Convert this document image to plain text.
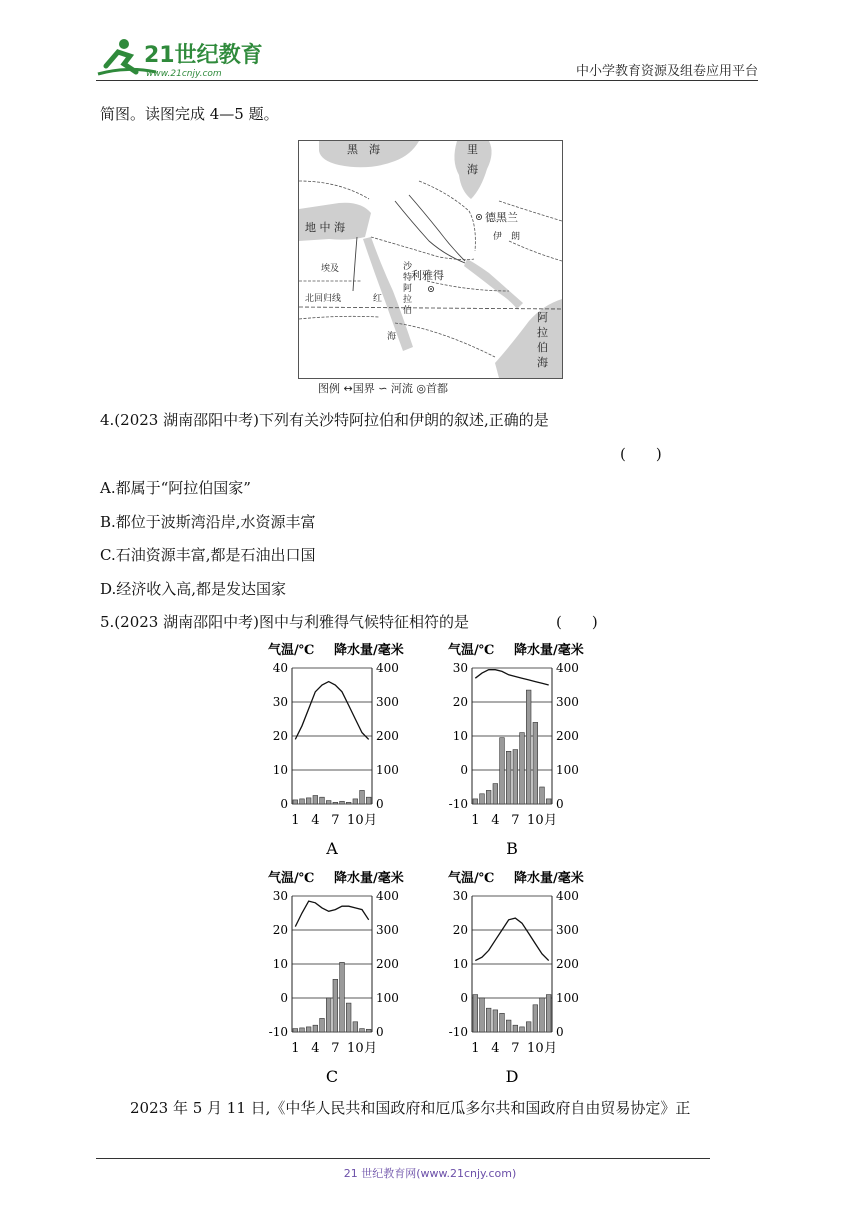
21世纪教育
www.21cnjy.com	中小学教育资源及组卷应用平台
简图。读图完成 4—5 题。
黑　海	里
海
地 中 海
德黑兰
伊　朗
埃及	利雅得
北回归线	红
海
沙
特
阿
拉
伯	阿
拉
伯
海
图例 ↔国界 ∽ 河流 ◎首都
4.(2023 湖南邵阳中考)下列有关沙特阿拉伯和伊朗的叙述,正确的是
(　　)
A.都属于“阿拉伯国家”
B.都位于波斯湾沿岸,水资源丰富
C.石油资源丰富,都是石油出口国
D.经济收入高,都是发达国家
5.(2023 湖南邵阳中考)图中与利雅得气候特征相符的是	(　　)
气温/℃ 降水量/毫米
0	0
10	100
20	200
30	300
40	400
1 4 7 10 月
A
气温/℃ 降水量/毫米
-10	0
0	100
10	200
20	300
30	400
1 4 7 10 月
B
气温/℃ 降水量/毫米
-10	0
0	100
10	200
20	300
30	400
1 4 7 10 月
C
气温/℃ 降水量/毫米
-10	0
0	100
10	200
20	300
30	400
1 4 7 10 月
D
2023 年 5 月 11 日,《中华人民共和国政府和厄瓜多尔共和国政府自由贸易协定》正
21 世纪教育网(www.21cnjy.com)
